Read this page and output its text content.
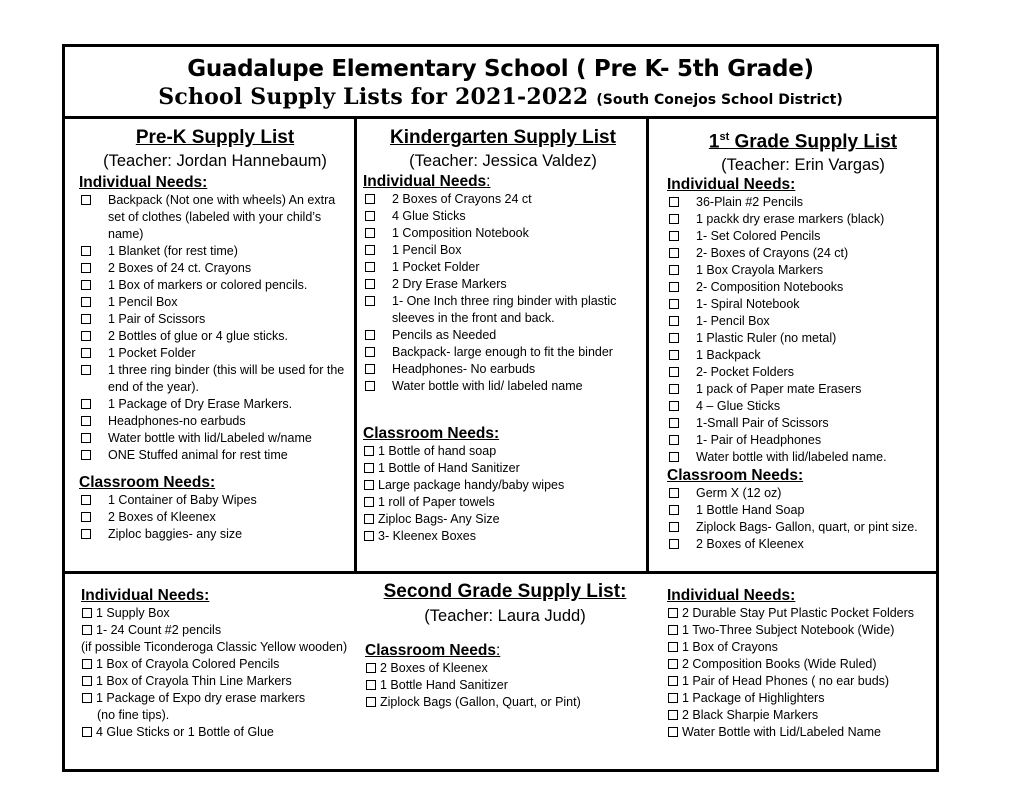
Guadalupe Elementary School ( Pre K- 5th Grade)
School Supply Lists for 2021-2022 (South Conejos School District)
Pre-K Supply List
(Teacher: Jordan Hannebaum)
Individual Needs:
Backpack (Not one with wheels) An extra set of clothes (labeled with your child’s name)
1 Blanket (for rest time)
2 Boxes of 24 ct. Crayons
1 Box of markers or colored pencils.
1 Pencil Box
1 Pair of Scissors
2 Bottles of glue or 4 glue sticks.
1 Pocket Folder
1 three ring binder (this will be used for the end of the year).
1 Package of Dry Erase Markers.
Headphones-no earbuds
Water bottle with lid/Labeled w/name
ONE Stuffed animal for rest time
Classroom Needs:
1 Container of Baby Wipes
2 Boxes of Kleenex
Ziploc baggies- any size
Kindergarten Supply List
(Teacher: Jessica Valdez)
Individual Needs:
2 Boxes of Crayons 24 ct
4 Glue Sticks
1 Composition Notebook
1 Pencil Box
1 Pocket Folder
2 Dry Erase Markers
1- One Inch three ring binder with plastic sleeves in the front and back.
Pencils as Needed
Backpack- large enough to fit the binder
Headphones- No earbuds
Water bottle with lid/ labeled name
Classroom Needs:
1 Bottle of hand soap
1 Bottle of Hand Sanitizer
Large package handy/baby wipes
1 roll of Paper towels
Ziploc Bags- Any Size
3- Kleenex Boxes
1st Grade Supply List
(Teacher: Erin Vargas)
Individual Needs:
36-Plain #2 Pencils
1 packk dry erase markers (black)
1- Set Colored Pencils
2- Boxes of Crayons (24 ct)
1 Box Crayola Markers
2- Composition Notebooks
1- Spiral Notebook
1- Pencil Box
1 Plastic Ruler (no metal)
1 Backpack
2- Pocket Folders
1 pack of Paper mate Erasers
4 – Glue Sticks
1-Small Pair of Scissors
1- Pair of Headphones
Water bottle with lid/labeled name.
Classroom Needs:
Germ X (12 oz)
1 Bottle Hand Soap
Ziplock Bags- Gallon, quart, or pint size.
2 Boxes of Kleenex
Individual Needs:
1 Supply Box
1- 24 Count #2 pencils
(if possible Ticonderoga Classic Yellow wooden)
1 Box of Crayola Colored Pencils
1 Box of Crayola Thin Line Markers
1 Package of Expo dry erase markers
(no fine tips).
4 Glue Sticks or 1 Bottle of Glue
Second Grade Supply List:
(Teacher: Laura Judd)
Classroom Needs:
2 Boxes of Kleenex
1 Bottle Hand Sanitizer
Ziplock Bags (Gallon, Quart, or Pint)
Individual Needs:
2 Durable Stay Put Plastic Pocket Folders
1 Two-Three Subject Notebook (Wide)
1 Box of Crayons
2 Composition Books (Wide Ruled)
1 Pair of Head Phones ( no ear buds)
1 Package of Highlighters
2 Black Sharpie Markers
Water Bottle with Lid/Labeled Name
